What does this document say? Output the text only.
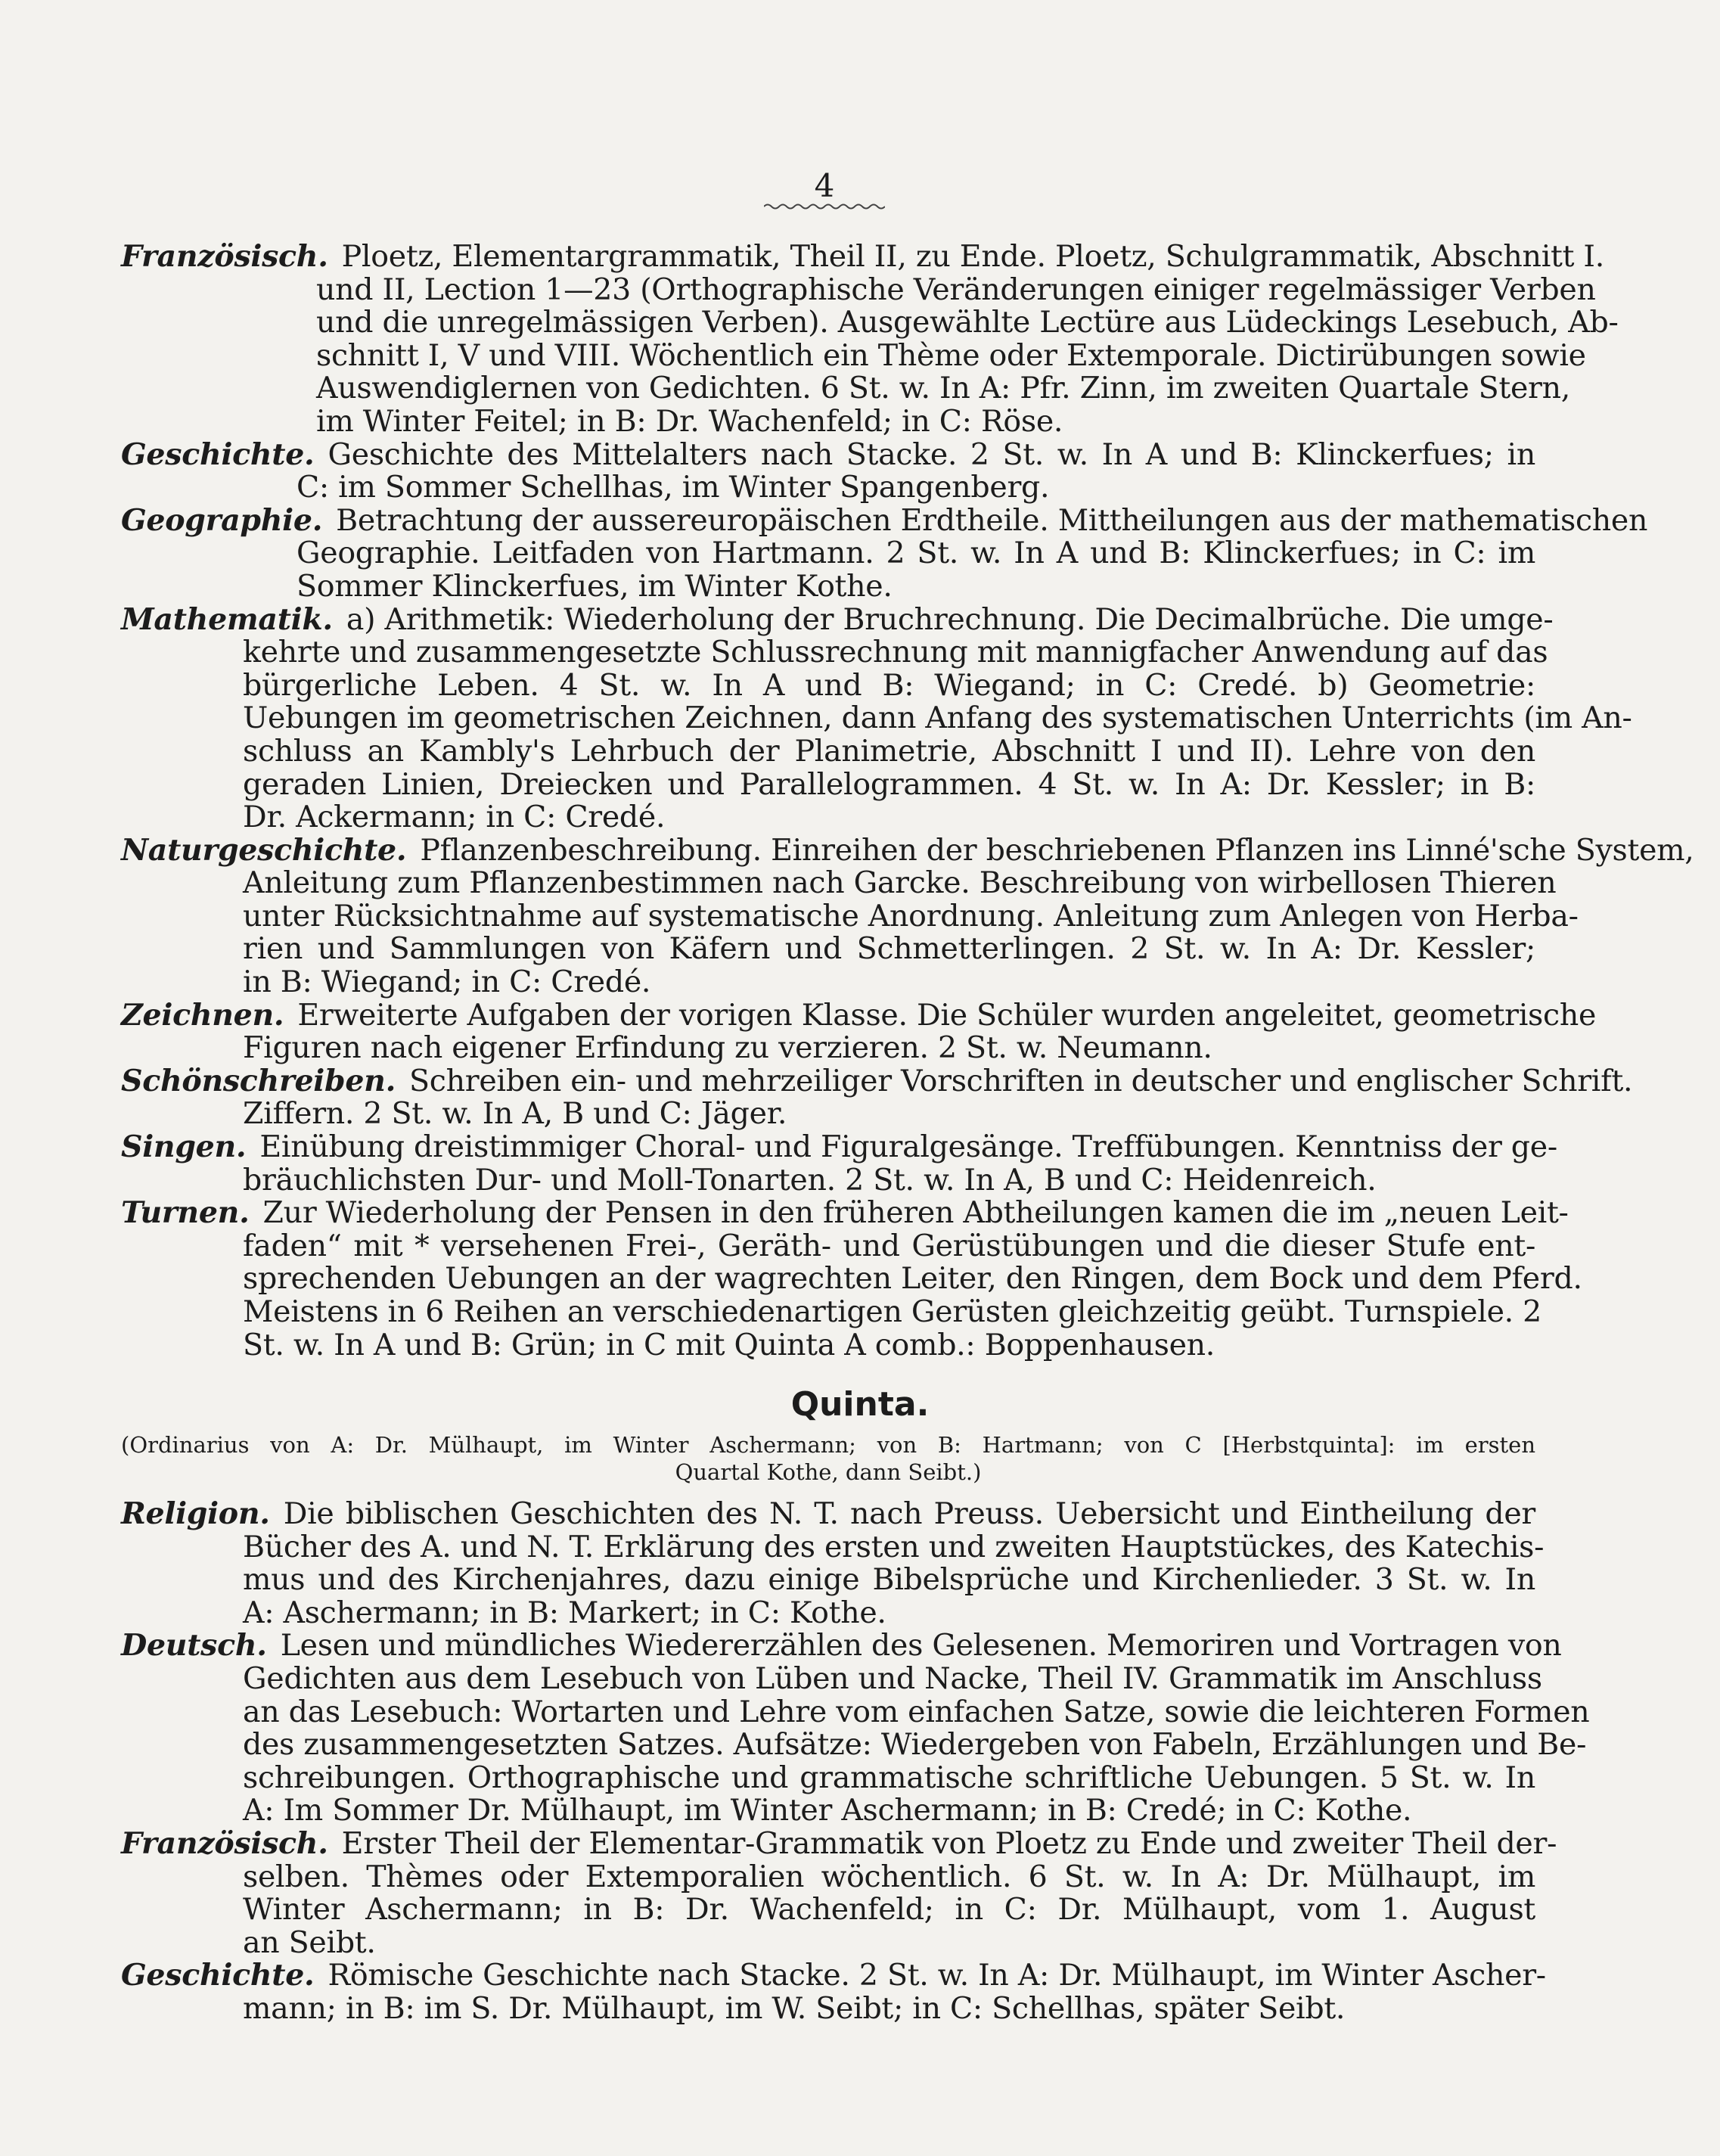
4
Französisch. Ploetz, Elementargrammatik, Theil II, zu Ende. Ploetz, Schulgrammatik, Abschnitt I.
und II, Lection 1—23 (Orthographische Veränderungen einiger regelmässiger Verben
und die unregelmässigen Verben). Ausgewählte Lectüre aus Lüdeckings Lesebuch, Ab-
schnitt I, V und VIII. Wöchentlich ein Thème oder Extemporale. Dictirübungen sowie
Auswendiglernen von Gedichten. 6 St. w. In A: Pfr. Zinn, im zweiten Quartale Stern,
im Winter Feitel; in B: Dr. Wachenfeld; in C: Röse.
Geschichte. Geschichte des Mittelalters nach Stacke. 2 St. w. In A und B: Klinckerfues; in
C: im Sommer Schellhas, im Winter Spangenberg.
Geographie. Betrachtung der aussereuropäischen Erdtheile. Mittheilungen aus der mathematischen
Geographie. Leitfaden von Hartmann. 2 St. w. In A und B: Klinckerfues; in C: im
Sommer Klinckerfues, im Winter Kothe.
Mathematik. a) Arithmetik: Wiederholung der Bruchrechnung. Die Decimalbrüche. Die umge-
kehrte und zusammengesetzte Schlussrechnung mit mannigfacher Anwendung auf das
bürgerliche Leben. 4 St. w. In A und B: Wiegand; in C: Credé. b) Geometrie:
Uebungen im geometrischen Zeichnen, dann Anfang des systematischen Unterrichts (im An-
schluss an Kambly's Lehrbuch der Planimetrie, Abschnitt I und II). Lehre von den
geraden Linien, Dreiecken und Parallelogrammen. 4 St. w. In A: Dr. Kessler; in B:
Dr. Ackermann; in C: Credé.
Naturgeschichte. Pflanzenbeschreibung. Einreihen der beschriebenen Pflanzen ins Linné'sche System,
Anleitung zum Pflanzenbestimmen nach Garcke. Beschreibung von wirbellosen Thieren
unter Rücksichtnahme auf systematische Anordnung. Anleitung zum Anlegen von Herba-
rien und Sammlungen von Käfern und Schmetterlingen. 2 St. w. In A: Dr. Kessler;
in B: Wiegand; in C: Credé.
Zeichnen. Erweiterte Aufgaben der vorigen Klasse. Die Schüler wurden angeleitet, geometrische
Figuren nach eigener Erfindung zu verzieren. 2 St. w. Neumann.
Schönschreiben. Schreiben ein- und mehrzeiliger Vorschriften in deutscher und englischer Schrift.
Ziffern. 2 St. w. In A, B und C: Jäger.
Singen. Einübung dreistimmiger Choral- und Figuralgesänge. Treffübungen. Kenntniss der ge-
bräuchlichsten Dur- und Moll-Tonarten. 2 St. w. In A, B und C: Heidenreich.
Turnen. Zur Wiederholung der Pensen in den früheren Abtheilungen kamen die im „neuen Leit-
faden“ mit * versehenen Frei-, Geräth- und Gerüstübungen und die dieser Stufe ent-
sprechenden Uebungen an der wagrechten Leiter, den Ringen, dem Bock und dem Pferd.
Meistens in 6 Reihen an verschiedenartigen Gerüsten gleichzeitig geübt. Turnspiele. 2
St. w. In A und B: Grün; in C mit Quinta A comb.: Boppenhausen.
Quinta.
(Ordinarius von A: Dr. Mülhaupt, im Winter Aschermann; von B: Hartmann; von C [Herbstquinta]: im ersten
Quartal Kothe, dann Seibt.)
Religion. Die biblischen Geschichten des N. T. nach Preuss. Uebersicht und Eintheilung der
Bücher des A. und N. T. Erklärung des ersten und zweiten Hauptstückes, des Katechis-
mus und des Kirchenjahres, dazu einige Bibelsprüche und Kirchenlieder. 3 St. w. In
A: Aschermann; in B: Markert; in C: Kothe.
Deutsch. Lesen und mündliches Wiedererzählen des Gelesenen. Memoriren und Vortragen von
Gedichten aus dem Lesebuch von Lüben und Nacke, Theil IV. Grammatik im Anschluss
an das Lesebuch: Wortarten und Lehre vom einfachen Satze, sowie die leichteren Formen
des zusammengesetzten Satzes. Aufsätze: Wiedergeben von Fabeln, Erzählungen und Be-
schreibungen. Orthographische und grammatische schriftliche Uebungen. 5 St. w. In
A: Im Sommer Dr. Mülhaupt, im Winter Aschermann; in B: Credé; in C: Kothe.
Französisch. Erster Theil der Elementar-Grammatik von Ploetz zu Ende und zweiter Theil der-
selben. Thèmes oder Extemporalien wöchentlich. 6 St. w. In A: Dr. Mülhaupt, im
Winter Aschermann; in B: Dr. Wachenfeld; in C: Dr. Mülhaupt, vom 1. August
an Seibt.
Geschichte. Römische Geschichte nach Stacke. 2 St. w. In A: Dr. Mülhaupt, im Winter Ascher-
mann; in B: im S. Dr. Mülhaupt, im W. Seibt; in C: Schellhas, später Seibt.
